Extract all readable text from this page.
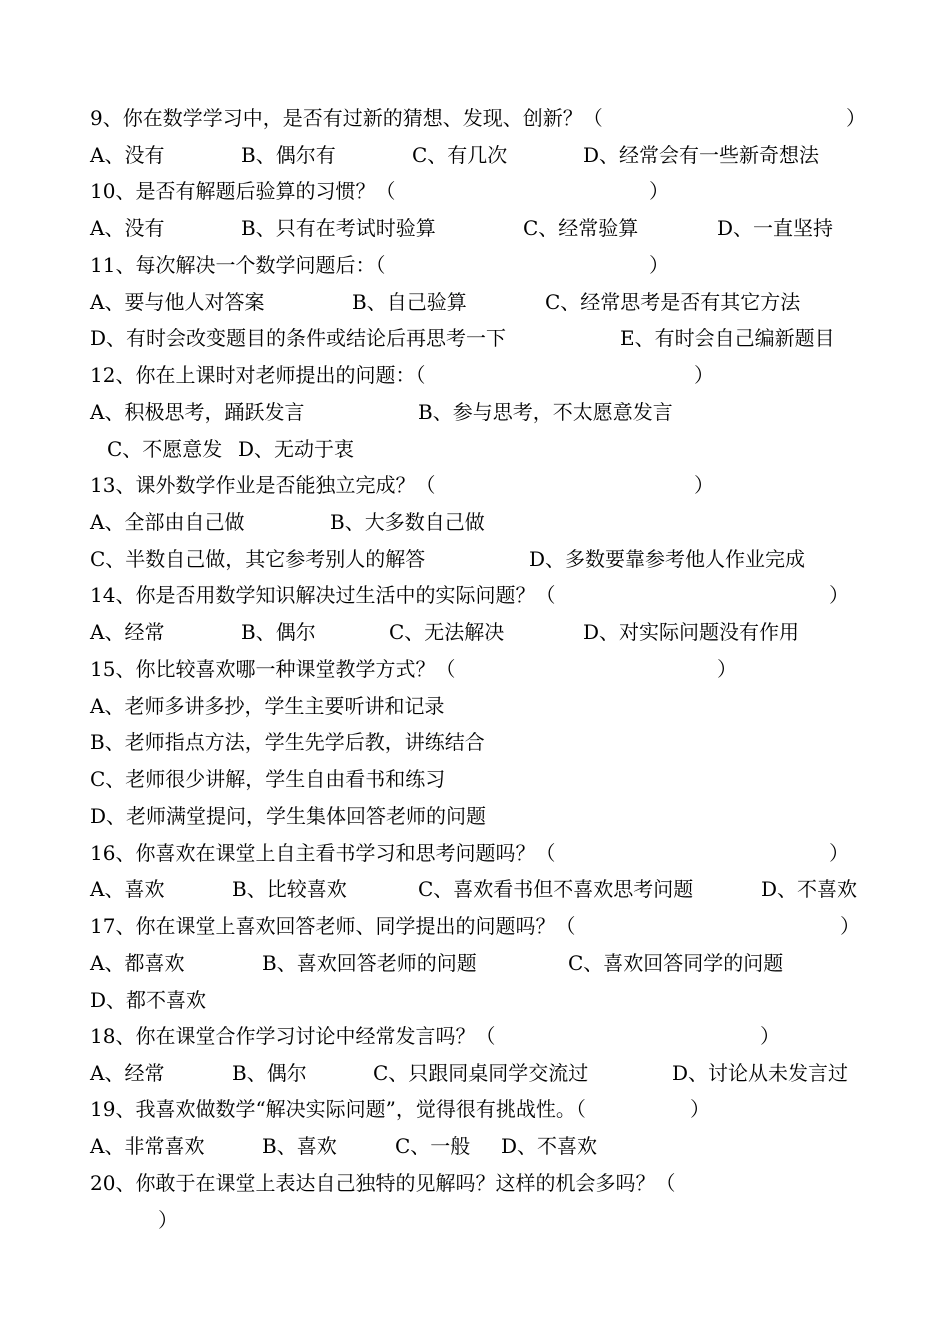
9、你在数学学习中，是否有过新的猜想、发现、创新？（	）
A、没有	B、偶尔有	C、有几次	D、经常会有一些新奇想法
10、是否有解题后验算的习惯？（	）
A、没有	B、只有在考试时验算	C、经常验算	D、一直坚持
11、每次解决一个数学问题后：（	）
A、要与他人对答案	B、自己验算	C、经常思考是否有其它方法
D、有时会改变题目的条件或结论后再思考一下	E、有时会自己编新题目
12、你在上课时对老师提出的问题：（	）
A、积极思考，踊跃发言	B、参与思考，不太愿意发言
C、不愿意发 D、无动于衷
13、课外数学作业是否能独立完成？（	）
A、全部由自己做	B、大多数自己做
C、半数自己做，其它参考别人的解答	D、多数要靠参考他人作业完成
14、你是否用数学知识解决过生活中的实际问题？（	）
A、经常	B、偶尔	C、无法解决	D、对实际问题没有作用
15、你比较喜欢哪一种课堂教学方式？（	）
A、老师多讲多抄，学生主要听讲和记录
B、老师指点方法，学生先学后教，讲练结合
C、老师很少讲解，学生自由看书和练习
D、老师满堂提问，学生集体回答老师的问题
16、你喜欢在课堂上自主看书学习和思考问题吗？（	）
A、喜欢	B、比较喜欢	C、喜欢看书但不喜欢思考问题	D、不喜欢
17、你在课堂上喜欢回答老师、同学提出的问题吗？（	）
A、都喜欢	B、喜欢回答老师的问题	C、喜欢回答同学的问题
D、都不喜欢
18、你在课堂合作学习讨论中经常发言吗？（	）
A、经常	B、偶尔	C、只跟同桌同学交流过	D、讨论从未发言过
19、我喜欢做数学“解决实际问题”，觉得很有挑战性。（	）
A、非常喜欢	B、喜欢	C、一般 D、不喜欢
20、你敢于在课堂上表达自己独特的见解吗？这样的机会多吗？（
）
